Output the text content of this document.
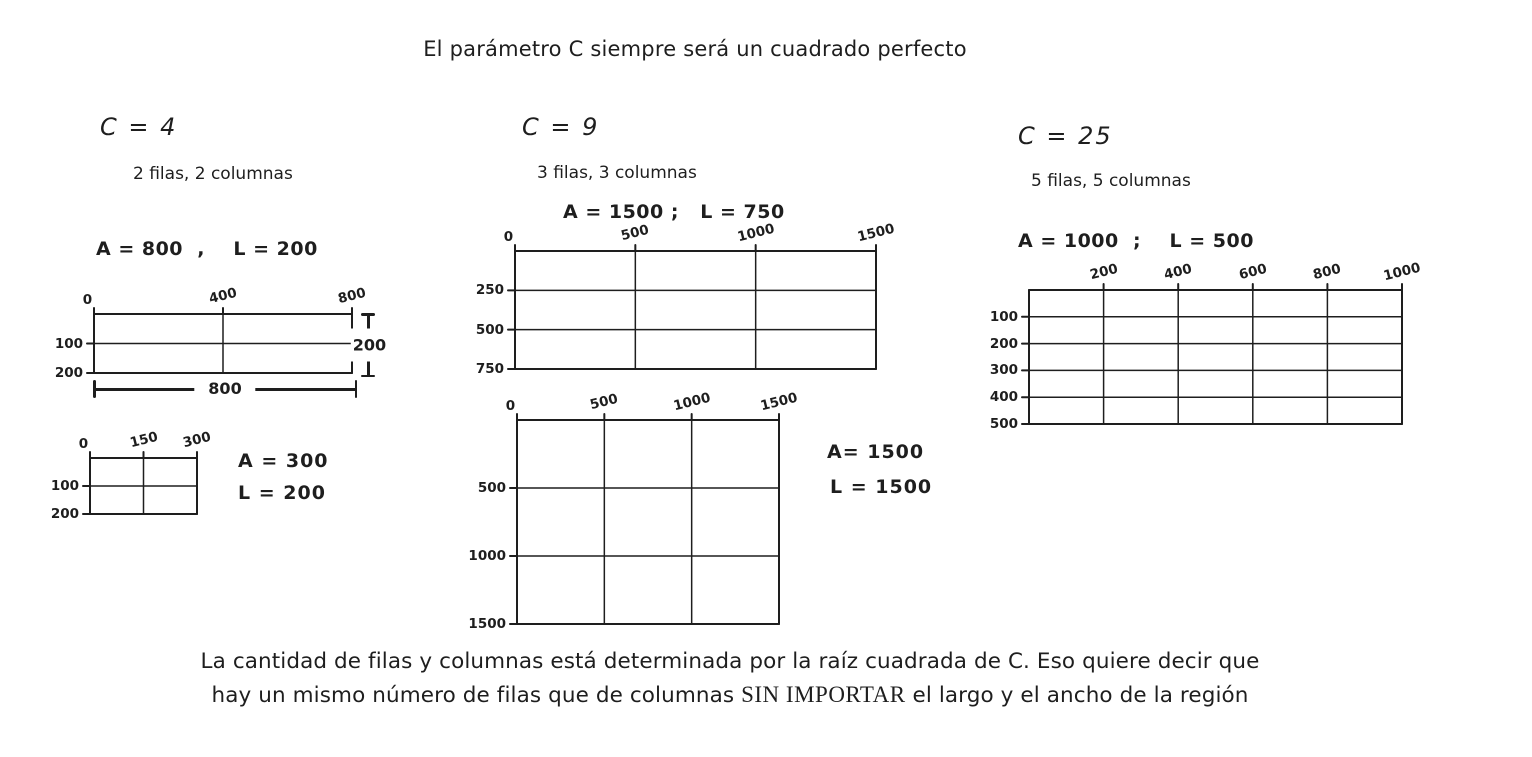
El parámetro C siempre será un cuadrado perfecto
C = 4
2 filas, 2 columnas
A = 800  ,    L = 200
0	400	800
100
200
800
200
0	150 300
100
200
A = 300
L = 200
C = 9
3 filas, 3 columnas
A = 1500 ;   L = 750
0	500	1000	1500
250
500
750
0	500	1000	1500
500
1000
1500
A= 1500
L = 1500
C = 25
5 filas, 5 columnas
A = 1000  ;    L = 500
200	400	600	800	1000
100
200
300
400
500
La cantidad de filas y columnas está determinada por la raíz cuadrada de C. Eso quiere decir que
hay un mismo número de filas que de columnas SIN IMPORTAR el largo y el ancho de la región
